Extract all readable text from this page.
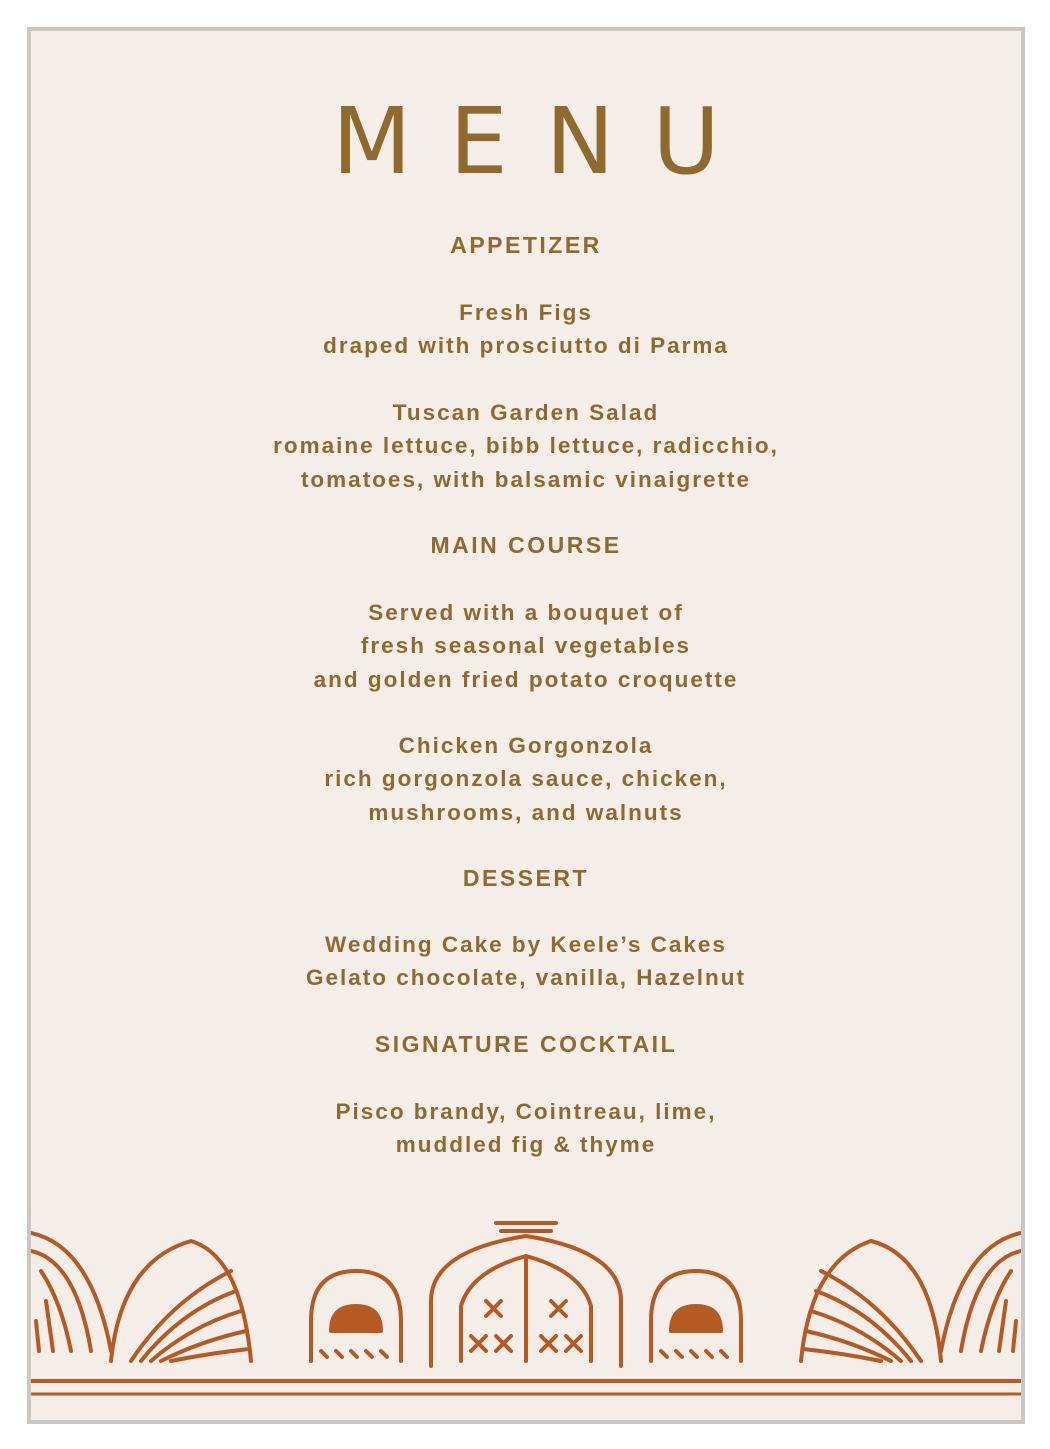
MENU
APPETIZER
Fresh Figs
draped with prosciutto di Parma
Tuscan Garden Salad
romaine lettuce, bibb lettuce, radicchio,
tomatoes, with balsamic vinaigrette
MAIN COURSE
Served with a bouquet of
fresh seasonal vegetables
and golden fried potato croquette
Chicken Gorgonzola
rich gorgonzola sauce, chicken,
mushrooms, and walnuts
DESSERT
Wedding Cake by Keele’s Cakes
Gelato chocolate, vanilla, Hazelnut
SIGNATURE COCKTAIL
Pisco brandy, Cointreau, lime,
muddled fig & thyme
